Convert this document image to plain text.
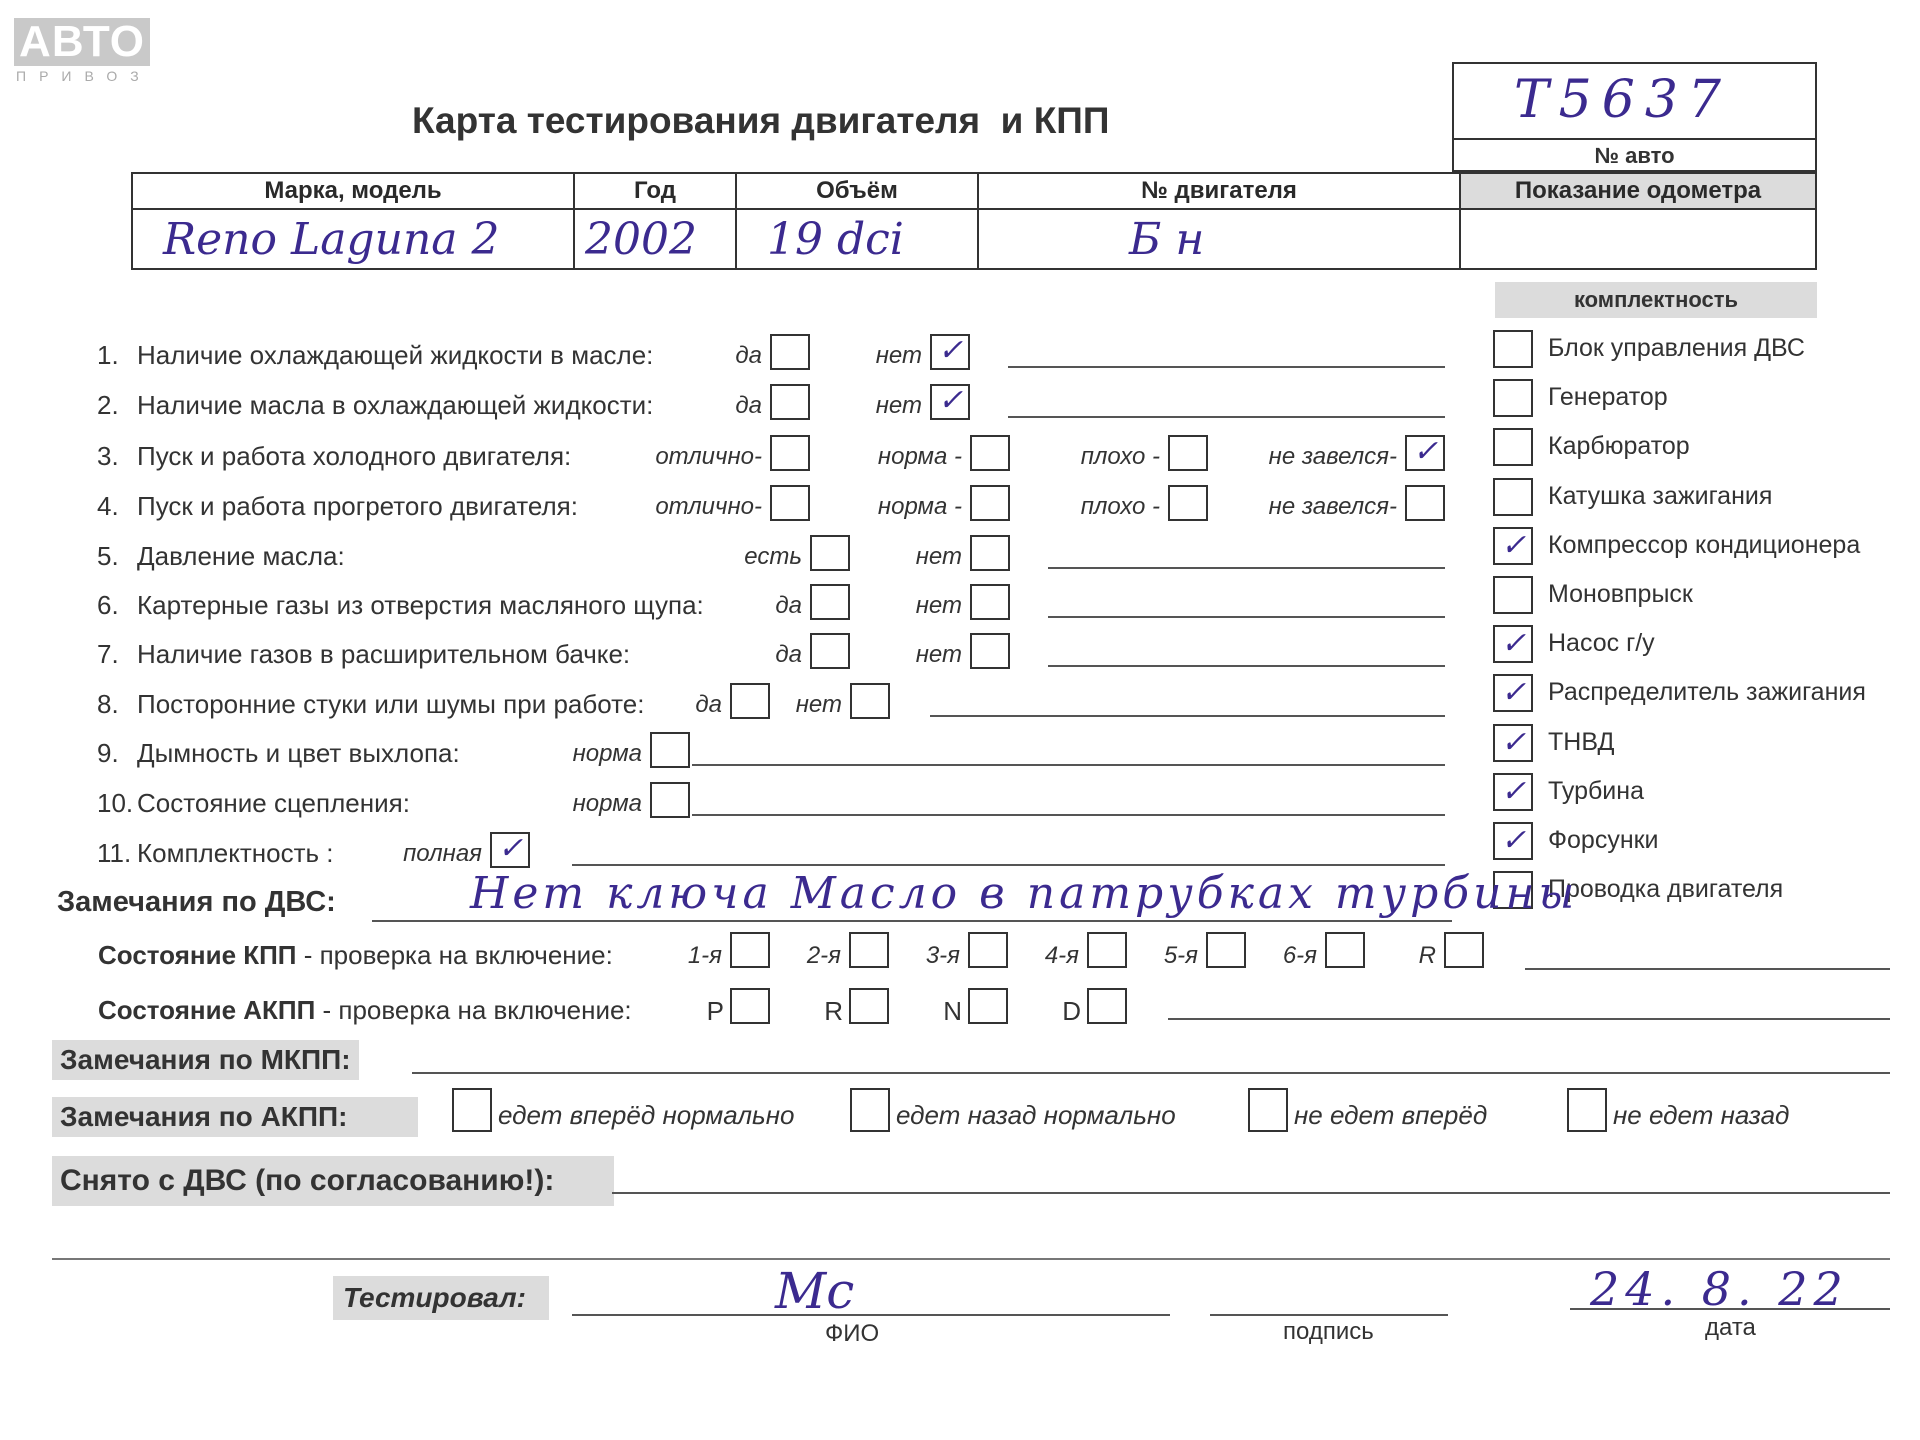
АВТО
ПРИВОЗ
Карта тестирования двигателя  и КПП	Т5637
№ авто
Марка, модель	Год	Объём	№ двигателя	Показание одометра
Reno Laguna 2	2002	19 dci	Б н	
комплектность
Блок управления ДВС
Генератор
Карбюратор
Катушка зажигания
✓ Компрессор кондиционера
Моновпрыск
✓ Насос г/у
✓ Распределитель зажигания
✓ ТНВД
✓ Турбина
✓ Форсунки
Проводка двигателя
1. Наличие охлаждающей жидкости в масле:	да	нет ✓
2. Наличие масла в охлаждающей жидкости:	да	нет ✓
3. Пуск и работа холодного двигателя:	отлично-	норма -	плохо -	не завелся- ✓
4. Пуск и работа прогретого двигателя:	отлично-	норма -	плохо -	не завелся-
5. Давление масла:	есть	нет
6. Картерные газы из отверстия масляного щупа:	да	нет
7. Наличие газов в расширительном бачке:	да	нет
8. Посторонние стуки или шумы при работе: да	нет
9. Дымность и цвет выхлопа:	норма
10. Состояние сцепления:	норма
11. Комплектность :	полная ✓
Замечания по ДВС:	Нет ключа Масло в патрубках турбины
Состояние КПП - проверка на включение:	1-я	2-я	3-я	4-я	5-я	6-я	R
Состояние АКПП - проверка на включение:	P	R	N	D
Замечания по МКПП:
Замечания по АКПП:	едет вперёд нормально	едет назад нормально	не едет вперёд	не едет назад
Снято с ДВС (по согласованию!):
Тестировал:	Мс
ФИО	подпись
24. 8. 22
дата
